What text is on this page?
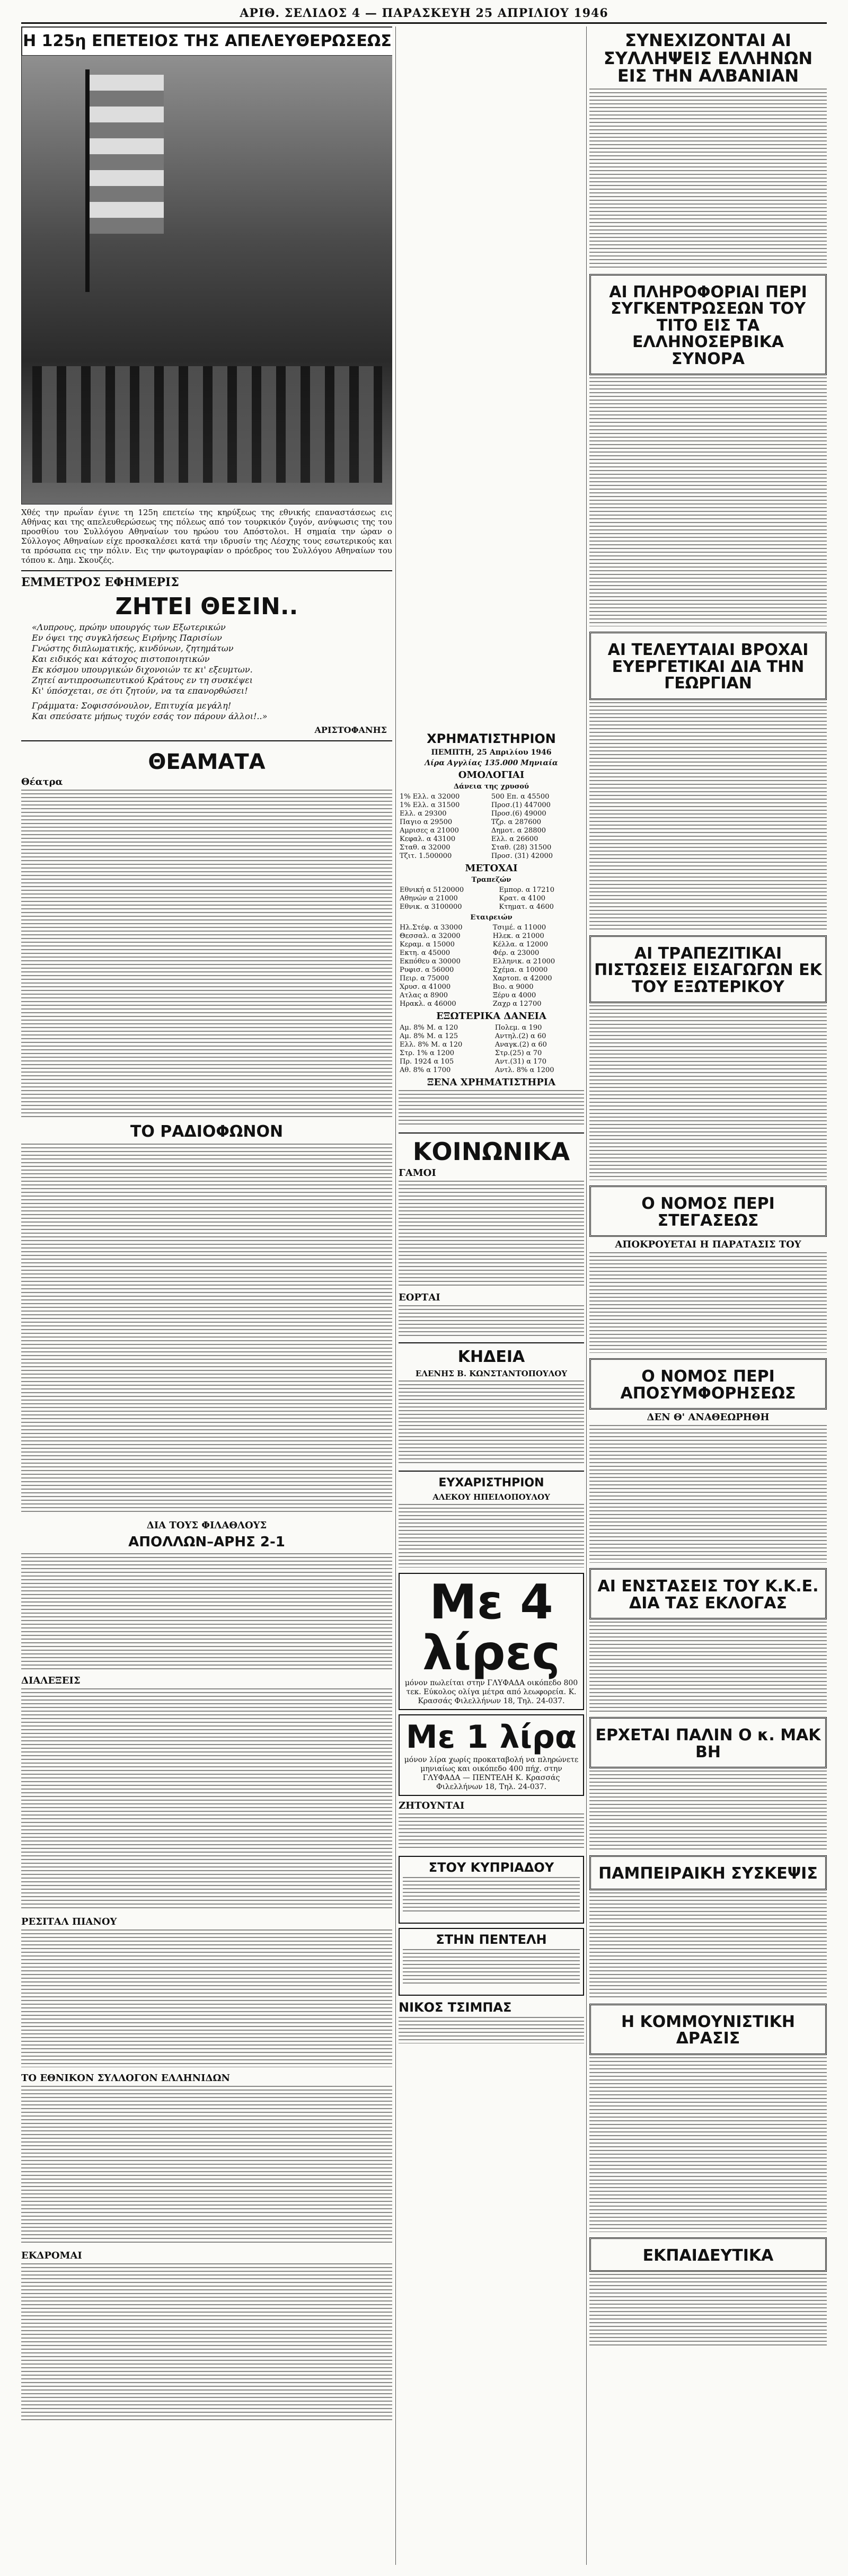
ΑΡΙΘ. ΣΕΛΙΔΟΣ 4 — ΠΑΡΑΣΚΕΥΗ 25 ΑΠΡΙΛΙΟΥ 1946
Η 125η ΕΠΕΤΕΙΟΣ ΤΗΣ ΑΠΕΛΕΥΘΕΡΩΣΕΩΣ

Χθές την πρωΐαν έγινε τη 125η επετείω της κηρύξεως της εθνικής επαναστάσεως εις Αθήνας και της απελευθερώσεως της πόλεως από τον τουρκικόν ζυγόν, ανύψωσις της του προσθίου του Συλλόγου Αθηναίων του ηρώου του Απόστολοι. Η σημαία την ώραν ο Σύλλογος Αθηναίων είχε προσκαλέσει κατά την ιδρυσίν της Λέσχης τους εσωτερικούς και τα πρόσωπα εις την πόλιν. Εις την φωτογραφίαν ο πρόεδρος του Συλλόγου Αθηναίων του τόπου κ. Δημ. Σκουζές.

ΕΜΜΕΤΡΟΣ ΕΦΗΜΕΡΙΣ
ΖΗΤΕΙ ΘΕΣΙΝ..
«Λυπρους, πρώην υπουργός των Εξωτερικών
Εν όψει της συγκλήσεως Ειρήνης Παρισίων
Γνώστης διπλωματικής, κινδύνων, ζητημάτων
Και ειδικός και κάτοχος πιστοποιητικών
Εκ κόσμου υπουργικών διχονοιών τε κι' εξευμτων.
Ζητεί αντιπροσωπευτικού Κράτους εν τη συσκέψει
Κι' ύπόσχεται, σε ότι ζητούν, να τα επανορθώσει!
Γράμματα: Σοφισσόνουλον, Επιτυχία μεγάλη!
Και σπεύσατε μήπως τυχόν εσάς τον πάρουν άλλοι!..»
ΑΡΙΣΤΟΦΑΝΗΣ
ΘΕΑΜΑΤΑ
Θέατρα
ΤΟ ΡΑΔΙΟΦΩΝΟΝ
ΔΙΑ ΤΟΥΣ ΦΙΛΑΘΛΟΥΣ
ΑΠΟΛΛΩΝ–ΑΡΗΣ 2-1
ΔΙΑΛΕΞΕΙΣ
ΡΕΣΙΤΑΛ ΠΙΑΝΟΥ
ΤΟ ΕΘΝΙΚΟΝ ΣΥΛΛΟΓΟΝ ΕΛΛΗΝΙΔΩΝ
ΕΚΔΡΟΜΑΙ
ΧΡΗΜΑΤΙΣΤΗΡΙΟΝ
ΠΕΜΠΤΗ, 25 Απριλίου 1946
Λίρα Αγγλίας 135.000 Μηνιαία
ΟΜΟΛΟΓΙΑΙ
Δάνεια της χρυσού
1% Ελλ. α 32000	500 Επ. α 45500
1% Ελλ. α 31500	Προσ.(1) 447000
Ελλ. α 29300	Προσ.(6) 49000
Παγιο α 29500	Τζρ. α 287600
Αμρισες α 21000	Δημοτ. α 28800
Κεφαλ. α 43100	Ελλ. α 26600
Σταθ. α 32000	Σταθ. (28) 31500
Τζιτ. 1.500000	Προσ. (31) 42000
ΜΕΤΟΧΑΙ
Τραπεζών
Εθνική α 5120000	Εμπορ. α 17210
Αθηνών α 21000	Κρατ. α 4100
Εθνικ. α 3100000	Κτηματ. α 4600
Εταιρειών
Ηλ.Στέφ. α 33000	Τσιμέ. α 11000
Θεσσαλ. α 32000	Ηλεκ. α 21000
Κεραμ. α 15000	Κέλλα. α 12000
Εκτη. α 45000	Φέρ. α 23000
Εκπόθευ α 30000	Ελληνικ. α 21000
Ρυφισ. α 56000	Σχέμα. α 10000
Πειρ. α 75000	Χαρτοπ. α 42000
Χρυσ. α 41000	Βιο. α 9000
Ατλας α 8900	Ξέρυ α 4000
Ηρακλ. α 46000	Ζαχρ α 12700
ΕΞΩΤΕΡΙΚΑ ΔΑΝΕΙΑ
Αμ. 8% Μ. α 120	Πολεμ. α 190
Αμ. 8% Μ. α 125	Αντηλ.(2) α 60
Ελλ. 8% Μ. α 120	Αναγκ.(2) α 60
Στρ. 1% α 1200	Στρ.(25) α 70
Πρ. 1924 α 105	Αντ.(31) α 170
Αθ. 8% α 1700	Αντλ. 8% α 1200
ΞΕΝΑ ΧΡΗΜΑΤΙΣΤΗΡΙΑ
ΚΟΙΝΩΝΙΚΑ
ΓΑΜΟΙ
ΕΟΡΤΑΙ
ΚΗΔΕΙΑ
ΕΛΕΝΗΣ Β. ΚΩΝΣΤΑΝΤΟΠΟΥΛΟΥ
ΕΥΧΑΡΙΣΤΗΡΙΟΝ
ΑΛΕΚΟΥ ΗΠΕΙΛΟΠΟΥΛΟΥ
Με 4 λίρες
μόνον πωλείται στην ΓΛΥΦΑΔΑ οικόπεδο 800 τεκ. Εύκολος ολίγα μέτρα από λεωφορεία. Κ. Κρασσάς Φιλελλήνων 18, Τηλ. 24-037.
Με 1 λίρα
μόνον λίρα χωρίς προκαταβολή να πληρώνετε μηνιαίως και οικόπεδο 400 πήχ. στην ΓΛΥΦΑΔΑ — ΠΕΝΤΕΛΗ Κ. Κρασσάς Φιλελλήνων 18, Τηλ. 24-037.
ΖΗΤΟΥΝΤΑΙ
ΣΤΟΥ ΚΥΠΡΙΑΔΟΥ
ΣΤΗΝ ΠΕΝΤΕΛΗ
ΝΙΚΟΣ ΤΣΙΜΠΑΣ
ΣΥΝΕΧΙΖΟΝΤΑΙ ΑΙ ΣΥΛΛΗΨΕΙΣ ΕΛΛΗΝΩΝ ΕΙΣ ΤΗΝ ΑΛΒΑΝΙΑΝ
ΑΙ ΠΛΗΡΟΦΟΡΙΑΙ ΠΕΡΙ ΣΥΓΚΕΝΤΡΩΣΕΩΝ ΤΟΥ ΤΙΤΟ ΕΙΣ ΤΑ ΕΛΛΗΝΟΣΕΡΒΙΚΑ ΣΥΝΟΡΑ
ΑΙ ΤΕΛΕΥΤΑΙΑΙ ΒΡΟΧΑΙ ΕΥΕΡΓΕΤΙΚΑΙ ΔΙΑ ΤΗΝ ΓΕΩΡΓΙΑΝ
ΑΙ ΤΡΑΠΕΖΙΤΙΚΑΙ ΠΙΣΤΩΣΕΙΣ ΕΙΣΑΓΩΓΩΝ ΕΚ ΤΟΥ ΕΞΩΤΕΡΙΚΟΥ
Ο ΝΟΜΟΣ ΠΕΡΙ ΣΤΕΓΑΣΕΩΣ
ΑΠΟΚΡΟΥΕΤΑΙ Η ΠΑΡΑΤΑΣΙΣ ΤΟΥ
Ο ΝΟΜΟΣ ΠΕΡΙ ΑΠΟΣΥΜΦΟΡΗΣΕΩΣ
ΔΕΝ Θ' ΑΝΑΘΕΩΡΗΘΗ
ΑΙ ΕΝΣΤΑΣΕΙΣ ΤΟΥ Κ.Κ.Ε. ΔΙΑ ΤΑΣ ΕΚΛΟΓΑΣ
ΕΡΧΕΤΑΙ ΠΑΛΙΝ Ο κ. ΜΑΚ ΒΗ
ΠΑΜΠΕΙΡΑΙΚΗ ΣΥΣΚΕΨΙΣ
Η ΚΟΜΜΟΥΝΙΣΤΙΚΗ ΔΡΑΣΙΣ
ΕΚΠΑΙΔΕΥΤΙΚΑ
